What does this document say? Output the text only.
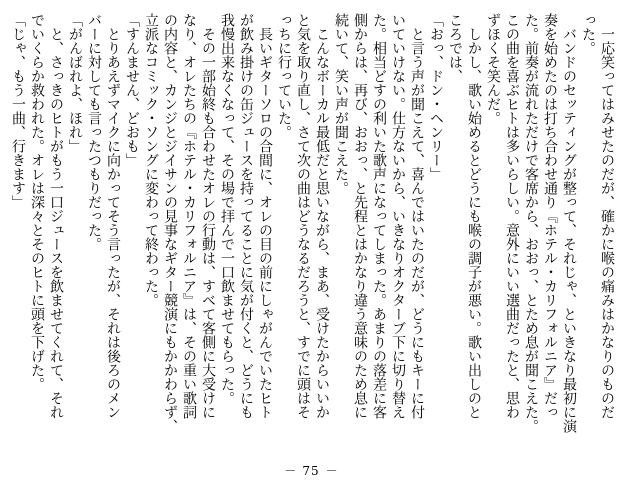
　一応笑ってはみせたのだが、確かに喉の痛みはかなりのものだ
った。
　バンドのセッティングが整って、それじゃ、といきなり最初に演
奏を始めたのは打ち合わせ通り『ホテル・カリフォルニア』だっ
た。前奏が流れただけで客席から、おおっ、とため息が聞こえた。
この曲を喜ぶヒトは多いらしい。意外にいい選曲だったと、思わ
ずほくそ笑んだ。
　しかし、歌い始めるとどうにも喉の調子が悪い。歌い出しのと
ころでは、
「おっ、ドン・ヘンリー」
　と言う声が聞こえて、喜んではいたのだが、どうにもキーに付
いていけない。仕方ないから、いきなりオクターブ下に切り替え
た。相当どすの利いた歌声になってしまった。あまりの落差に客
側からは、再び、おおっ、と先程とはかなり違う意味のため息に
続いて、笑い声が聞こえた。
　こんなボーカル最低だと思いながら、まあ、受けたからいいか
と気を取り直し、さて次の曲はどうなるだろうと、すでに頭はそ
っちに行っていた。
　長いギターソロの合間に、オレの目の前にしゃがんでいたヒト
が飲み掛けの缶ジュースを持ってることに気が付くと、どうにも
我慢出来なくなって、その場で拝んで一口飲ませてもらった。
　その一部始終も合わせたオレの行動は、すべて客側に大受けに
なり、オレたちの『ホテル・カリフォルニア』は、その重い歌詞
の内容と、カンジとジイサンの見事なギター競演にもかかわらず、
立派なコミック・ソングに変わって終わった。
「すんません、どおも」
　とりあえずマイクに向かってそう言ったが、それは後ろのメン
バーに対しても言ったつもりだった。
「がんばれよ、ほれ」
　と、さっきのヒトがもう一口ジュースを飲ませてくれて、それ
でいくらか救われた。オレは深々とそのヒトに頭を下げた。
「じゃ、もう一曲、行きます」
－ 75 －
